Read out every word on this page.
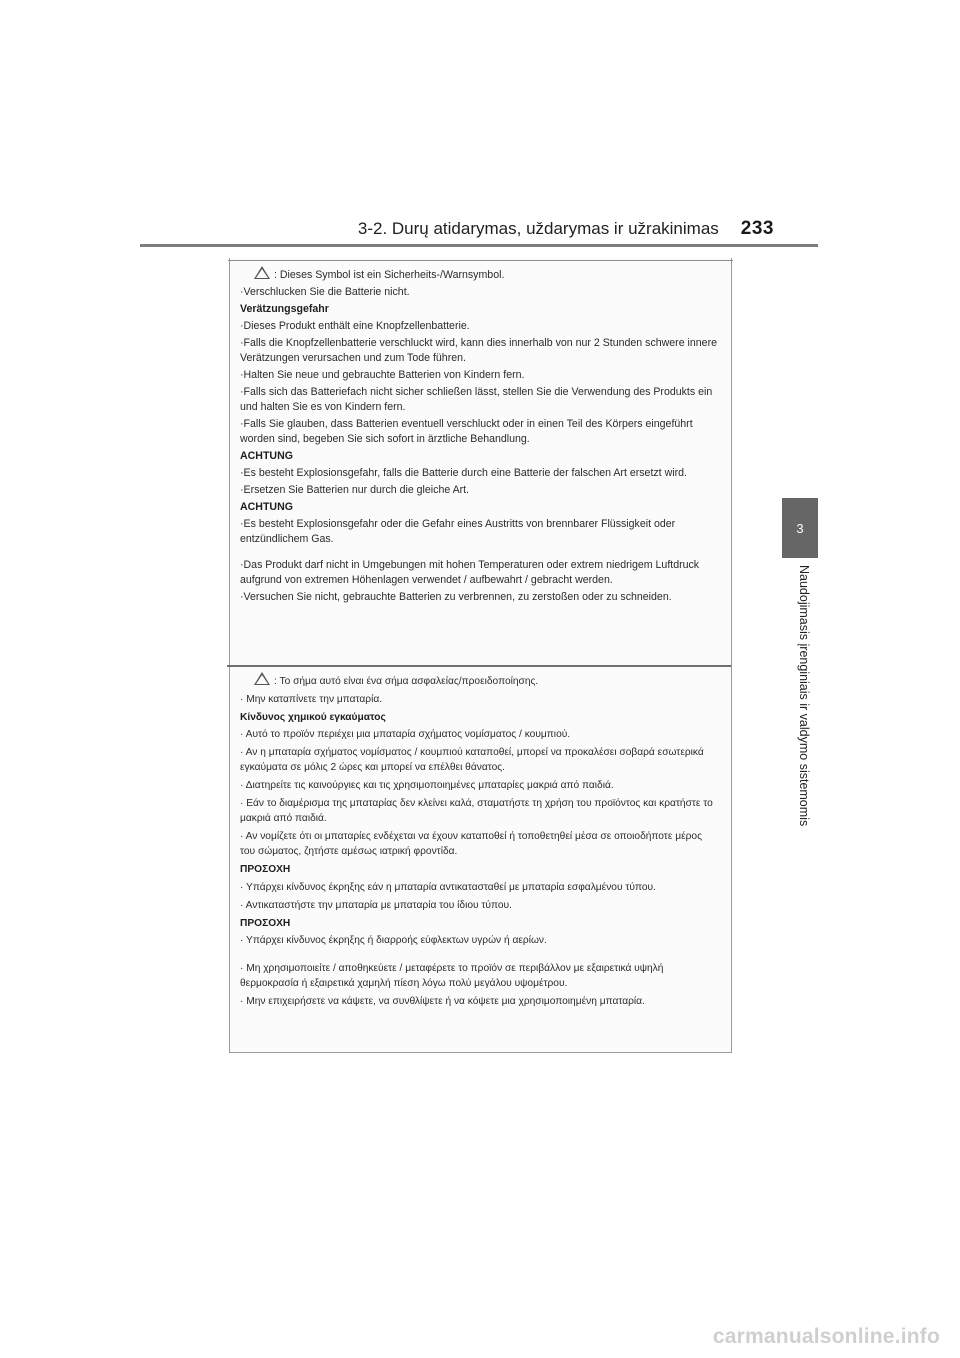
3-2. Durų atidarymas, uždarymas ir užrakinimas 233
3
Naudojimasis įrenginiais ir valdymo sistemomis

: Dieses Symbol ist ein Sicherheits-/Warnsymbol.

·Verschlucken Sie die Batterie nicht.

Verätzungsgefahr

·Dieses Produkt enthält eine Knopfzellenbatterie.

·Falls die Knopfzellenbatterie verschluckt wird, kann dies innerhalb von nur 2 Stunden schwere innere Verätzungen verursachen und zum Tode führen.

·Halten Sie neue und gebrauchte Batterien von Kindern fern.

·Falls sich das Batteriefach nicht sicher schließen lässt, stellen Sie die Verwendung des Produkts ein und halten Sie es von Kindern fern.

·Falls Sie glauben, dass Batterien eventuell verschluckt oder in einen Teil des Körpers eingeführt worden sind, begeben Sie sich sofort in ärztliche Behandlung.

ACHTUNG

·Es besteht Explosionsgefahr, falls die Batterie durch eine Batterie der falschen Art ersetzt wird.

·Ersetzen Sie Batterien nur durch die gleiche Art.

ACHTUNG

·Es besteht Explosionsgefahr oder die Gefahr eines Austritts von brennbarer Flüssigkeit oder entzündlichem Gas.

·Das Produkt darf nicht in Umgebungen mit hohen Temperaturen oder extrem niedrigem Luftdruck aufgrund von extremen Höhenlagen verwendet / aufbewahrt / gebracht werden.

·Versuchen Sie nicht, gebrauchte Batterien zu verbrennen, zu zerstoßen oder zu schneiden.

: Το σήμα αυτό είναι ένα σήμα ασφαλείας/προειδοποίησης.

· Μην καταπίνετε την μπαταρία.

Κίνδυνος χημικού εγκαύματος

· Αυτό το προϊόν περιέχει μια μπαταρία σχήματος νομίσματος / κουμπιού.

· Αν η μπαταρία σχήματος νομίσματος / κουμπιού καταποθεί, μπορεί να προκαλέσει σοβαρά εσωτερικά εγκαύματα σε μόλις 2 ώρες και μπορεί να επέλθει θάνατος.

· Διατηρείτε τις καινούργιες και τις χρησιμοποιημένες μπαταρίες μακριά από παιδιά.

· Εάν το διαμέρισμα της μπαταρίας δεν κλείνει καλά, σταματήστε τη χρήση του προϊόντος και κρατήστε το μακριά από παιδιά.

· Αν νομίζετε ότι οι μπαταρίες ενδέχεται να έχουν καταποθεί ή τοποθετηθεί μέσα σε οποιοδήποτε μέρος του σώματος, ζητήστε αμέσως ιατρική φροντίδα.

ΠΡΟΣΟΧΗ

· Υπάρχει κίνδυνος έκρηξης εάν η μπαταρία αντικατασταθεί με μπαταρία εσφαλμένου τύπου.

· Αντικαταστήστε την μπαταρία με μπαταρία του ίδιου τύπου.

ΠΡΟΣΟΧΗ

· Υπάρχει κίνδυνος έκρηξης ή διαρροής εύφλεκτων υγρών ή αερίων.

· Μη χρησιμοποιείτε / αποθηκεύετε / μεταφέρετε το προϊόν σε περιβάλλον με εξαιρετικά υψηλή θερμοκρασία ή εξαιρετικά χαμηλή πίεση λόγω πολύ μεγάλου υψομέτρου.

· Μην επιχειρήσετε να κάψετε, να συνθλίψετε ή να κόψετε μια χρησιμοποιημένη μπαταρία.

carmanualsonline.info
